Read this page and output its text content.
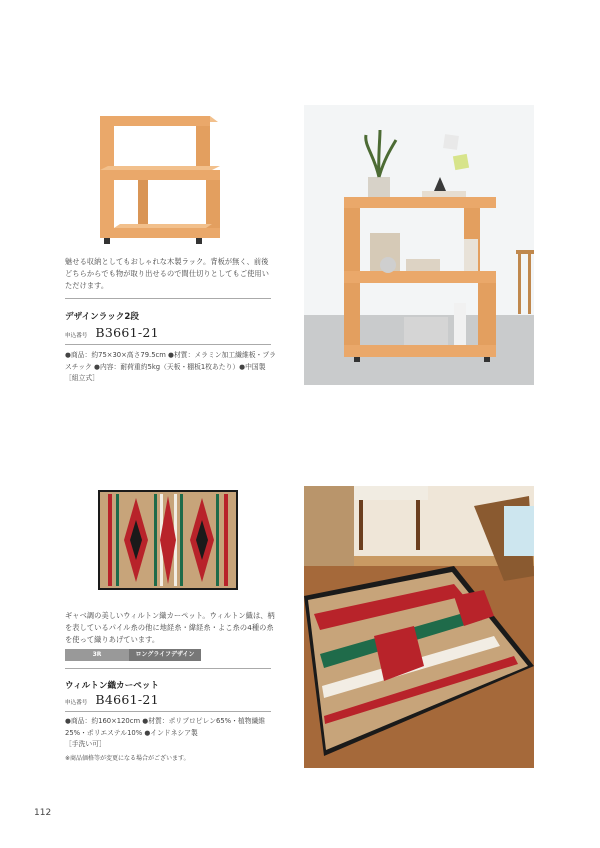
魅せる収納としてもおしゃれな木製ラック。背板が無く、前後どちらからでも物が取り出せるので間仕切りとしてもご使用いただけます。
デザインラック2段
申込番号 B3661-21
●商品：約75×30×高さ79.5cm ●材質：メラミン加工繊維板・プラ
スチック ●内容：耐荷重約5kg（天板・棚板1枚あたり）●中国製
［組立式］
ギャベ調の美しいウィルトン織カーペット。ウィルトン織は、柄を表しているパイル糸の他に地経糸・緯経糸・よこ糸の4種の糸を使って織りあげています。
3R	ロングライフデザイン
ウィルトン織カーペット
申込番号 B4661-21
●商品：約160×120cm ●材質：ポリプロピレン65%・植物繊維
25%・ポリエステル10% ●インドネシア製
［手洗い可］
※商品価格等が変更になる場合がございます。
112
